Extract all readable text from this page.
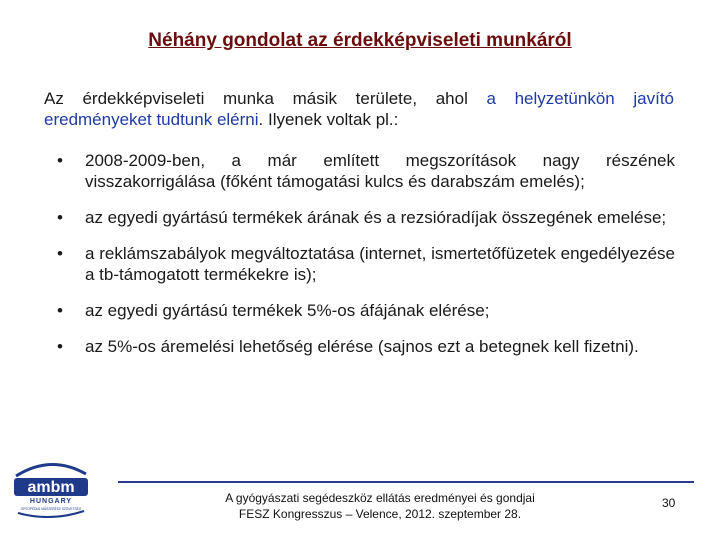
Néhány gondolat az érdekképviseleti munkáról
Az érdekképviseleti munka másik területe, ahol a helyzetünkön javító eredményeket tudtunk elérni. Ilyenek voltak pl.:
• 2008-2009-ben, a már említett megszorítások nagy részének visszakorrigálása (főként támogatási kulcs és darabszám emelés);
• az egyedi gyártású termékek árának és a rezsióradíjak összegének emelése;
• a reklámszabályok megváltoztatása (internet, ismertetőfüzetek engedélyezése a tb-támogatott termékekre is);
• az egyedi gyártású termékek 5%-os áfájának elérése;
• az 5%-os áremelési lehetőség elérése (sajnos ezt a betegnek kell fizetni).
ambm
HUNGARY
ORTOPÉDIAI MŰSZERÉSZ SZÖVETSÉG
A gyógyászati segédeszköz ellátás eredményei és gondjai
FESZ Kongresszus – Velence, 2012. szeptember 28.
30
